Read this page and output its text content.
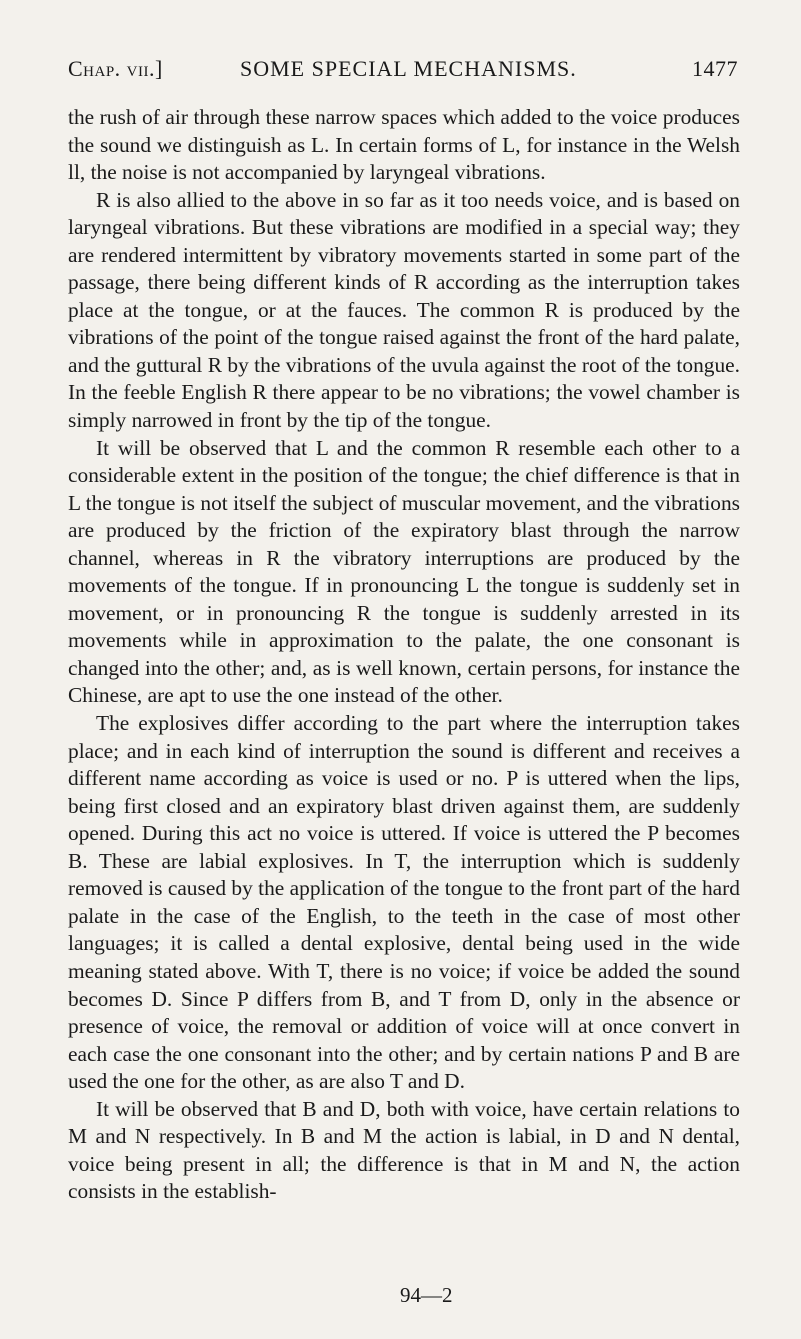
Chap. vii.]	SOME SPECIAL MECHANISMS.	1477

the rush of air through these narrow spaces which added to the voice produces the sound we distinguish as L. In certain forms of L, for instance in the Welsh ll, the noise is not accompanied by laryngeal vibrations.

R is also allied to the above in so far as it too needs voice, and is based on laryngeal vibrations. But these vibrations are modified in a special way; they are rendered intermittent by vibratory movements started in some part of the passage, there being different kinds of R according as the interruption takes place at the tongue, or at the fauces. The common R is produced by the vibrations of the point of the tongue raised against the front of the hard palate, and the guttural R by the vibrations of the uvula against the root of the tongue. In the feeble English R there appear to be no vibrations; the vowel chamber is simply narrowed in front by the tip of the tongue.

It will be observed that L and the common R resemble each other to a considerable extent in the position of the tongue; the chief difference is that in L the tongue is not itself the subject of muscular movement, and the vibrations are produced by the friction of the expiratory blast through the narrow channel, whereas in R the vibratory interruptions are produced by the movements of the tongue. If in pronouncing L the tongue is suddenly set in movement, or in pronouncing R the tongue is suddenly arrested in its movements while in approximation to the palate, the one consonant is changed into the other; and, as is well known, certain persons, for instance the Chinese, are apt to use the one instead of the other.

The explosives differ according to the part where the interruption takes place; and in each kind of interruption the sound is different and receives a different name according as voice is used or no. P is uttered when the lips, being first closed and an expiratory blast driven against them, are suddenly opened. During this act no voice is uttered. If voice is uttered the P becomes B. These are labial explosives. In T, the interruption which is suddenly removed is caused by the application of the tongue to the front part of the hard palate in the case of the English, to the teeth in the case of most other languages; it is called a dental explosive, dental being used in the wide meaning stated above. With T, there is no voice; if voice be added the sound becomes D. Since P differs from B, and T from D, only in the absence or presence of voice, the removal or addition of voice will at once convert in each case the one consonant into the other; and by certain nations P and B are used the one for the other, as are also T and D.

It will be observed that B and D, both with voice, have certain relations to M and N respectively. In B and M the action is labial, in D and N dental, voice being present in all; the difference is that in M and N, the action consists in the establish-

94—2
